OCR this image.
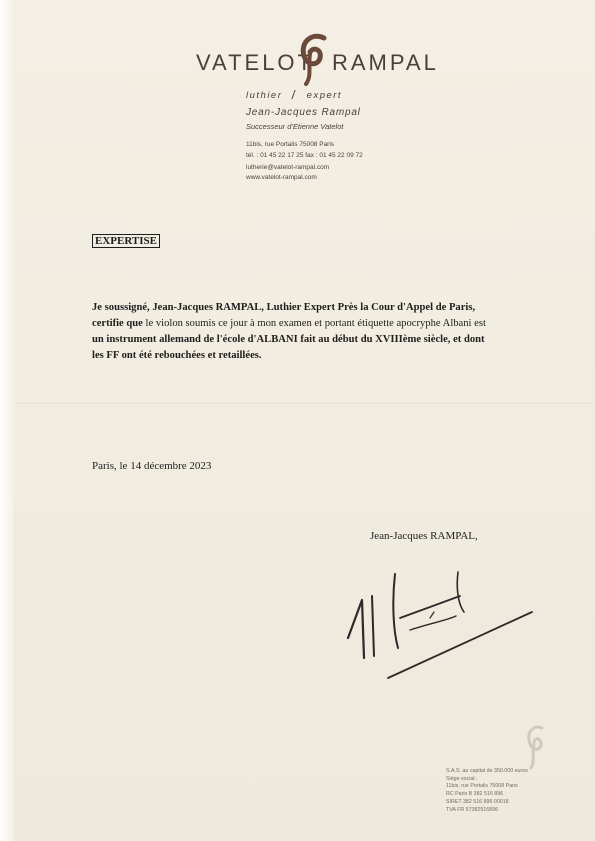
VATELOT RAMPAL
luthier	expert
Jean-Jacques Rampal
Successeur d'Etienne Vatelot
11bis, rue Portalis 75008 Paris
tél. : 01 45 22 17 25 fax : 01 45 22 09 72
lutherie@vatelot-rampal.com
www.vatelot-rampal.com
EXPERTISE
Je soussigné, Jean-Jacques RAMPAL, Luthier Expert Près la Cour d'Appel de Paris,
certifie que le violon soumis ce jour à mon examen et portant étiquette apocryphe Albani est
un instrument allemand de l'école d'ALBANI fait au début du XVIIIème siècle, et dont
les FF ont été rebouchées et retaillées.
Paris, le 14 décembre 2023
Jean-Jacques RAMPAL,
S.A.S. au capital de 350.000 euros
Siège social :
11bis, rue Portalis 75008 Paris
RC Paris B 382 516 896
SIRET 382 516 896 00018
TVA FR 57382516896
